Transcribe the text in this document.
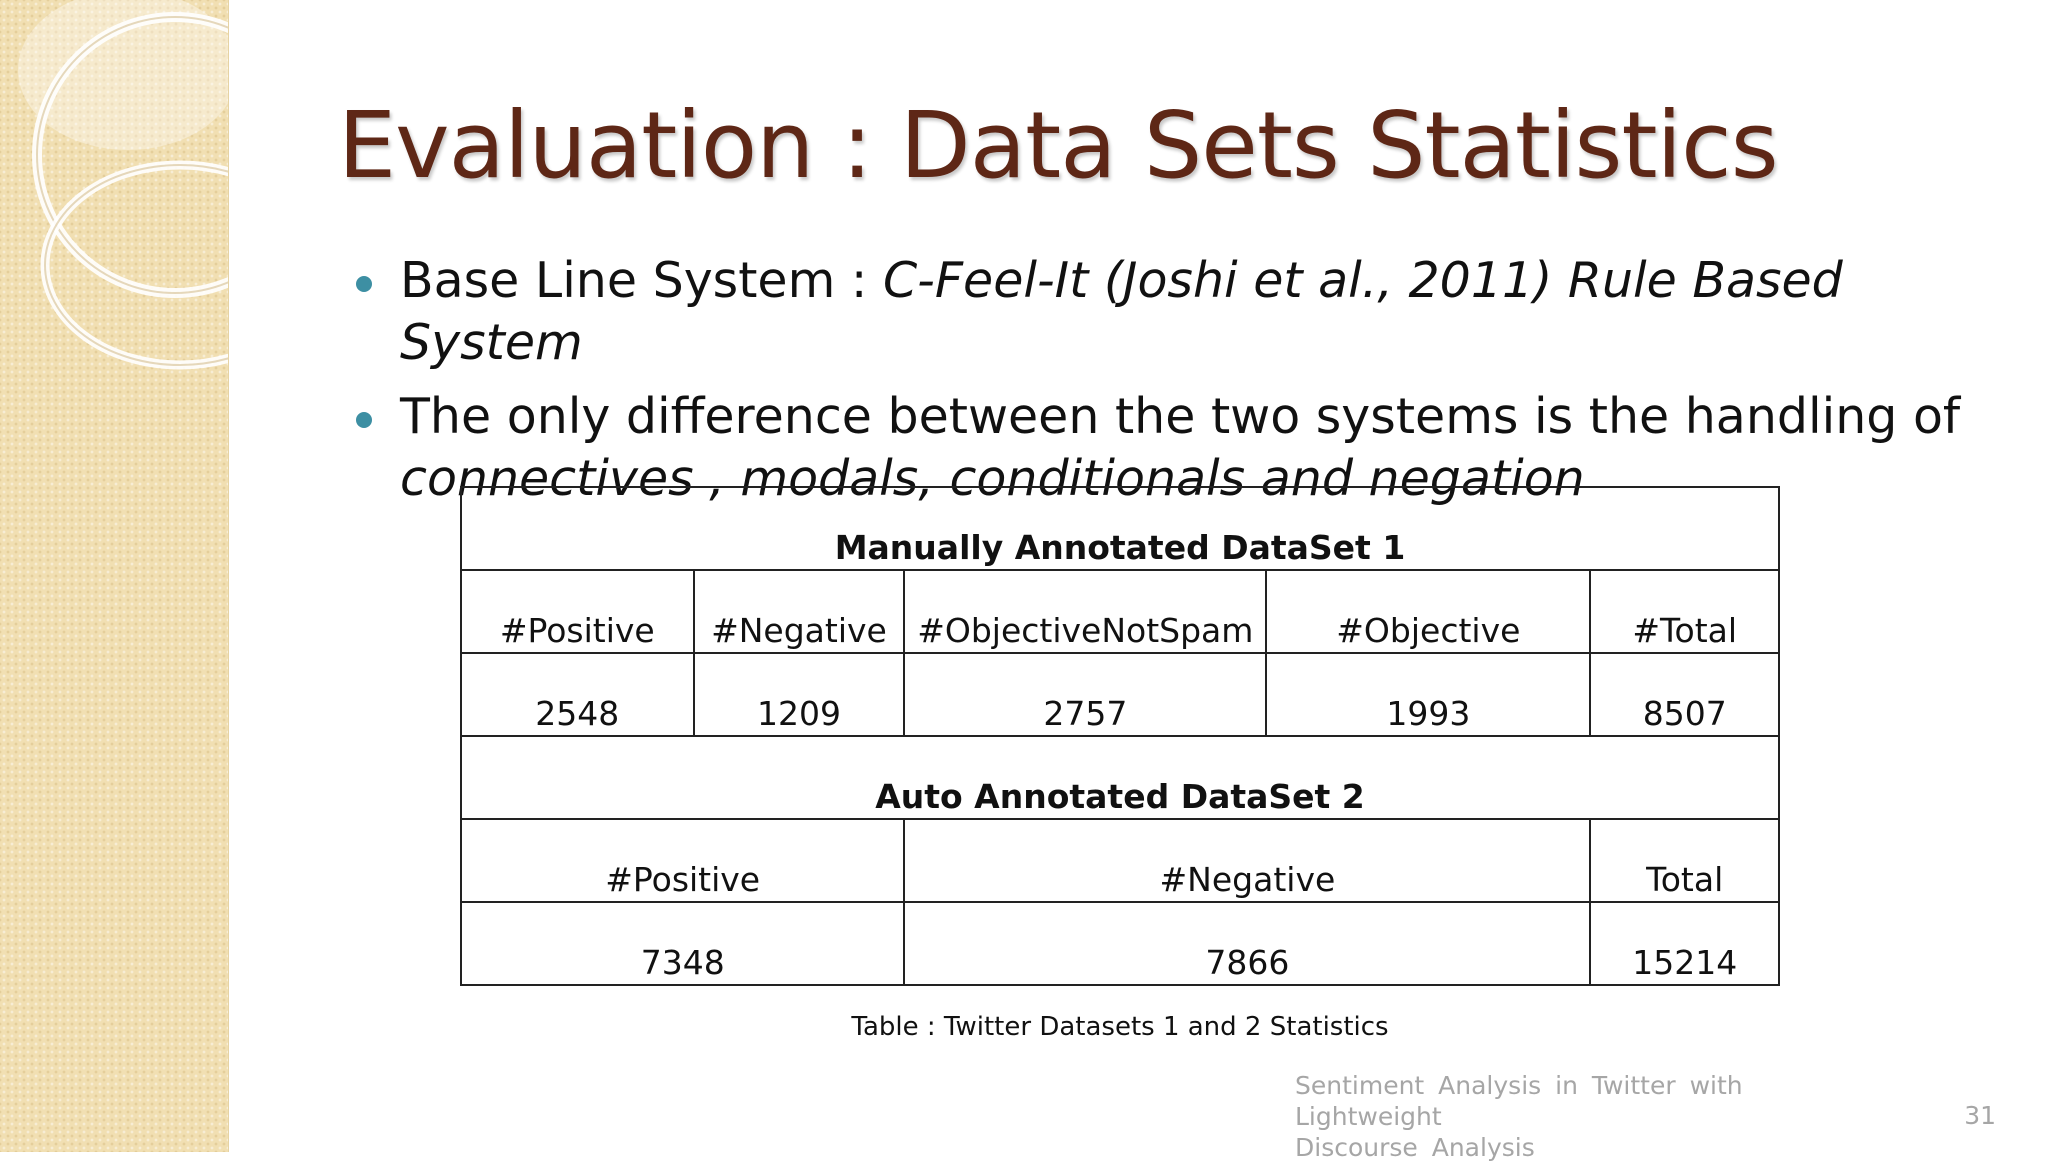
Evaluation : Data Sets Statistics
Base Line System : C-Feel-It (Joshi et al., 2011) Rule Based System
The only difference between the two systems is the handling of connectives , modals, conditionals and negation
Manually Annotated DataSet 1				
#Positive	#Negative	#ObjectiveNotSpam	#Objective	#Total
2548	1209	2757	1993	8507
Auto Annotated DataSet 2				
#Positive		#Negative		Total
7348		7866		15214
Table : Twitter Datasets 1 and 2 Statistics
Sentiment Analysis in Twitter with Lightweight
Discourse Analysis
31
